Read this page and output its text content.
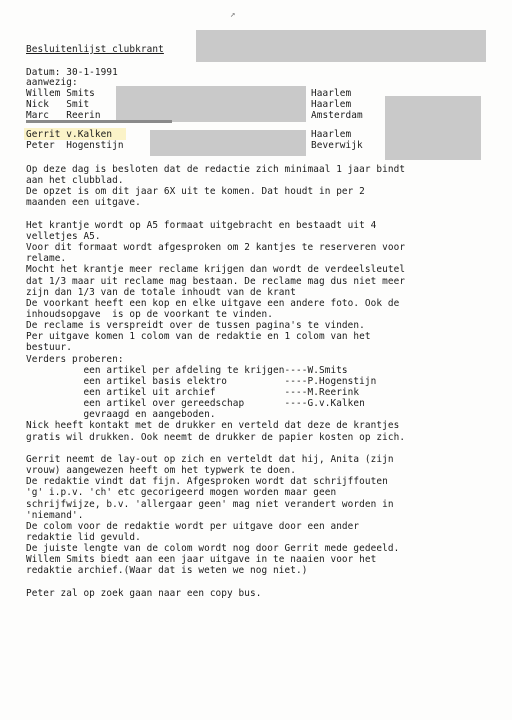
↗
Besluitenlijst clubkrant
Datum: 30-1-1991
aanwezig:
Willem Smits	Haarlem
Nick   Smit	Haarlem
Marc   Reerin	Amsterdam
Gerrit v.Kalken	Haarlem
Peter  Hogenstijn	Beverwijk
Op deze dag is besloten dat de redactie zich minimaal 1 jaar bindt
aan het clubblad.
De opzet is om dit jaar 6X uit te komen. Dat houdt in per 2
maanden een uitgave.
Het krantje wordt op A5 formaat uitgebracht en bestaadt uit 4
velletjes A5.
Voor dit formaat wordt afgesproken om 2 kantjes te reserveren voor
relame.
Mocht het krantje meer reclame krijgen dan wordt de verdeelsleutel
dat 1/3 maar uit reclame mag bestaan. De reclame mag dus niet meer
zijn dan 1/3 van de totale inhoudt van de krant
De voorkant heeft een kop en elke uitgave een andere foto. Ook de
inhoudsopgave  is op de voorkant te vinden.
De reclame is verspreidt over de tussen pagina's te vinden.
Per uitgave komen 1 colom van de redaktie en 1 colom van het
bestuur.
Verders proberen:
een artikel per afdeling te krijgen----W.Smits
een artikel basis elektro          ----P.Hogenstijn
een artikel uit archief            ----M.Reerink
een artikel over gereedschap       ----G.v.Kalken
gevraagd en aangeboden.
Nick heeft kontakt met de drukker en verteld dat deze de krantjes
gratis wil drukken. Ook neemt de drukker de papier kosten op zich.
Gerrit neemt de lay-out op zich en verteldt dat hij, Anita (zijn
vrouw) aangewezen heeft om het typwerk te doen.
De redaktie vindt dat fijn. Afgesproken wordt dat schrijffouten
'g' i.p.v. 'ch' etc gecorigeerd mogen worden maar geen
schrijfwijze, b.v. 'allergaar geen' mag niet verandert worden in
'niemand'.
De colom voor de redaktie wordt per uitgave door een ander
redaktie lid gevuld.
De juiste lengte van de colom wordt nog door Gerrit mede gedeeld.
Willem Smits biedt aan een jaar uitgave in te naaien voor het
redaktie archief.(Waar dat is weten we nog niet.)
Peter zal op zoek gaan naar een copy bus.
